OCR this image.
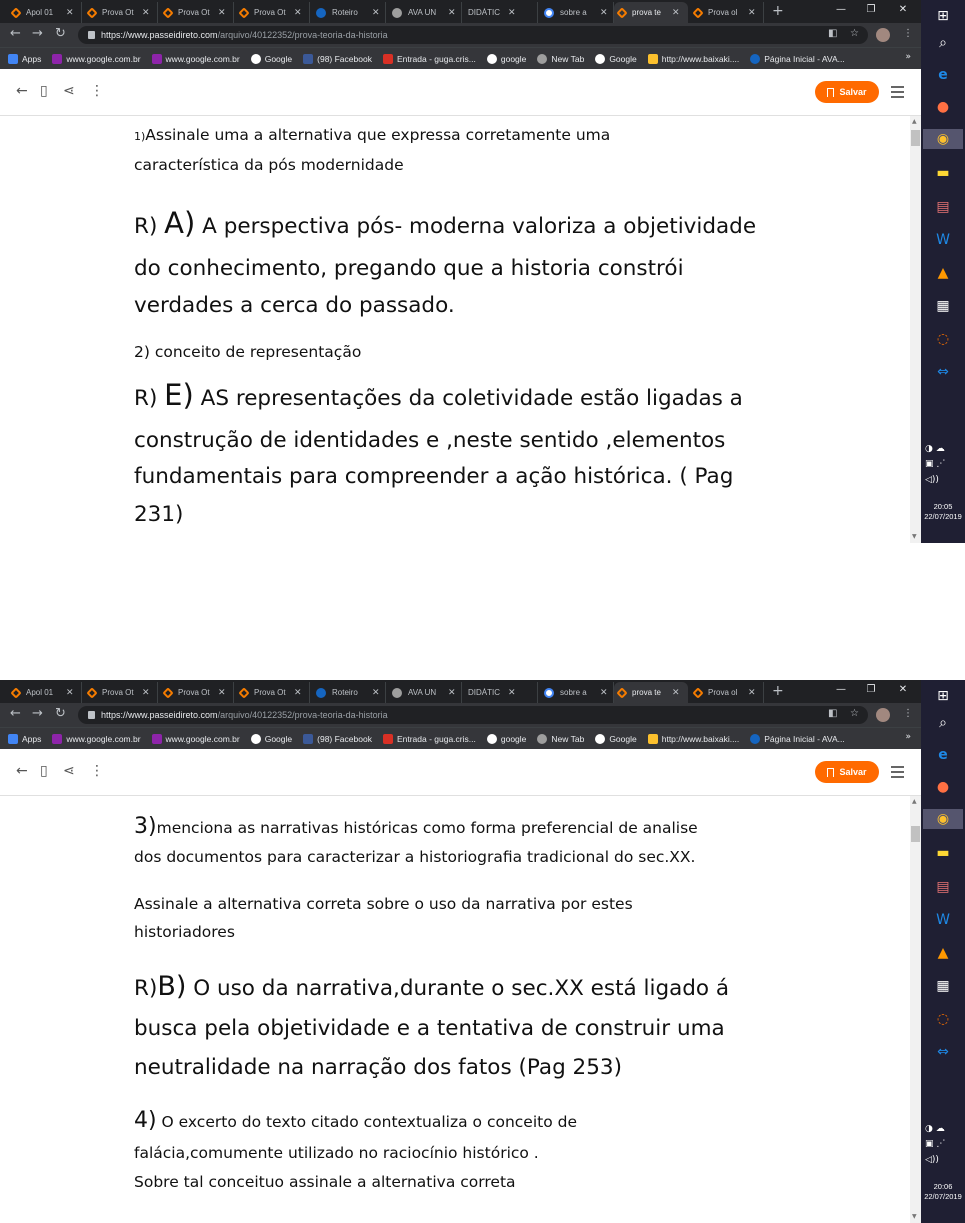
Apol 01	✕	Prova Ot ✕	Prova Ot ✕	Prova Ot ✕	Roteiro	✕	AVA UN	✕ DIDÁTIC ✕	sobre a	✕	prova te	✕	Prova ol	✕ +	—	❐	✕
← → ↻	https://www.passeidireto.com/arquivo/40122352/prova-teoria-da-historia	◧ ☆	⋮
Apps	www.google.com.br	www.google.com.br	Google	(98) Facebook	Entrada - guga.cris...	google	New Tab	Google	http://www.baixaki....	Página Inicial - AVA...	»
← ▯ ⋖ ⋮	Salvar
1)Assinale uma a alternativa que expressa corretamente uma
característica da pós modernidade
R) A) A perspectiva pós- moderna valoriza a objetividade
do conhecimento, pregando que a historia constrói
verdades a cerca do passado.
2) conceito de representação
R) E) AS representações da coletividade estão ligadas a
construção de identidades e ,neste sentido ,elementos
fundamentais para compreender a ação histórica. ( Pag
231)
▲
▼
⊞
⌕
e
●
◉
▬
▤
W
▲
▦
◌
⇔
◑ ☁
▣ ⋰
◁))
20:05
22/07/2019
Apol 01	✕	Prova Ot ✕	Prova Ot ✕	Prova Ot ✕	Roteiro	✕	AVA UN	✕ DIDÁTIC ✕	sobre a	✕	prova te	✕	Prova ol	✕ +	—	❐	✕
← → ↻	https://www.passeidireto.com/arquivo/40122352/prova-teoria-da-historia	◧ ☆	⋮
Apps	www.google.com.br	www.google.com.br	Google	(98) Facebook	Entrada - guga.cris...	google	New Tab	Google	http://www.baixaki....	Página Inicial - AVA...	»
← ▯ ⋖ ⋮	Salvar
3)menciona as narrativas históricas como forma preferencial de analise
dos documentos para caracterizar a historiografia tradicional do sec.XX.
Assinale a alternativa correta sobre o uso da narrativa por estes
historiadores
R)B) O uso da narrativa,durante o sec.XX está ligado á
busca pela objetividade e a tentativa de construir uma
neutralidade na narração dos fatos (Pag 253)
4) O excerto do texto citado contextualiza o conceito de
falácia,comumente utilizado no raciocínio histórico .
Sobre tal conceituo assinale a alternativa correta
▲
▼
⊞
⌕
e
●
◉
▬
▤
W
▲
▦
◌
⇔
◑ ☁
▣ ⋰
◁))
20:06
22/07/2019
